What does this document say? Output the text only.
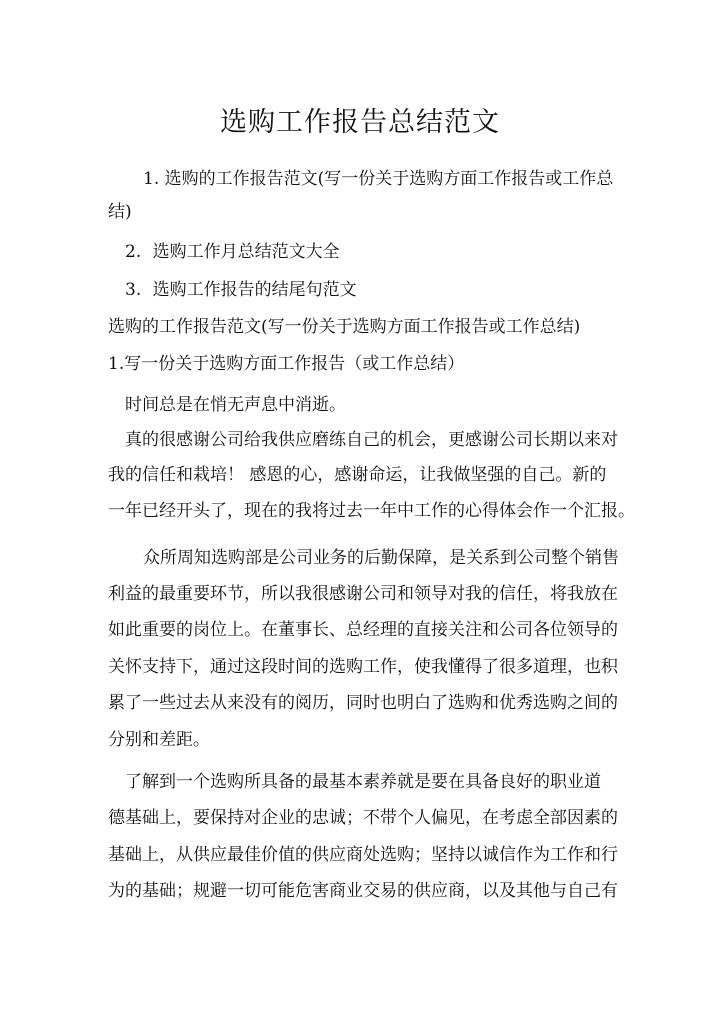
选购工作报告总结范文
1. 选购的工作报告范文(写一份关于选购方面工作报告或工作总
结)
2. 选购工作月总结范文大全
3. 选购工作报告的结尾句范文
选购的工作报告范文(写一份关于选购方面工作报告或工作总结)
1.写一份关于选购方面工作报告（或工作总结）
时间总是在悄无声息中消逝。
真的很感谢公司给我供应磨练自己的机会，更感谢公司长期以来对
我的信任和栽培！ 感恩的心，感谢命运，让我做坚强的自己。新的
一年已经开头了，现在的我将过去一年中工作的心得体会作一个汇报。
众所周知选购部是公司业务的后勤保障，是关系到公司整个销售
利益的最重要环节，所以我很感谢公司和领导对我的信任，将我放在
如此重要的岗位上。在董事长、总经理的直接关注和公司各位领导的
关怀支持下，通过这段时间的选购工作，使我懂得了很多道理，也积
累了一些过去从来没有的阅历，同时也明白了选购和优秀选购之间的
分别和差距。
了解到一个选购所具备的最基本素养就是要在具备良好的职业道
德基础上，要保持对企业的忠诚；不带个人偏见，在考虑全部因素的
基础上，从供应最佳价值的供应商处选购；坚持以诚信作为工作和行
为的基础；规避一切可能危害商业交易的供应商，以及其他与自己有
